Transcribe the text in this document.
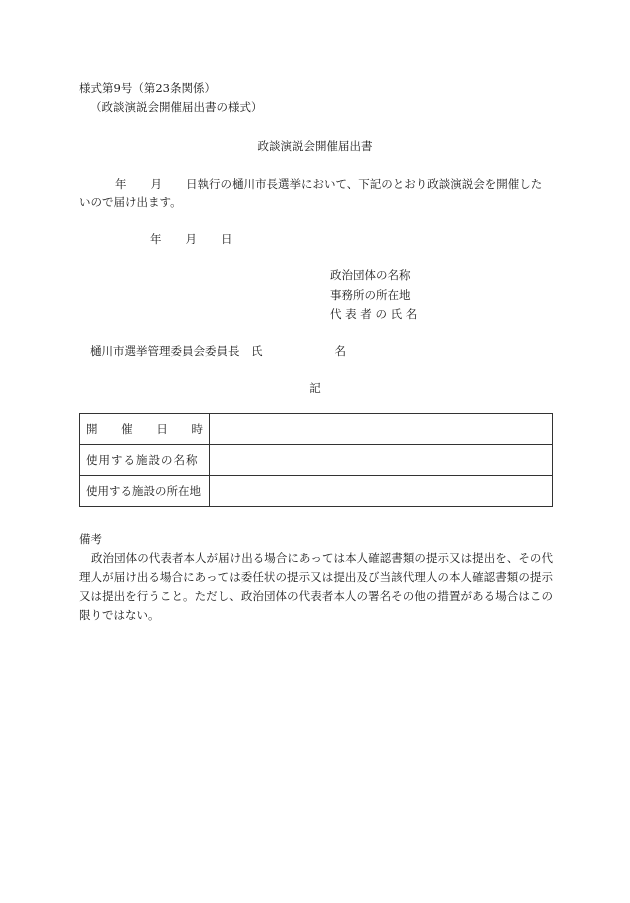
様式第9号（第23条関係）
（政談演説会開催届出書の様式）
政談演説会開催届出書
年 月 日執行の樋川市長選挙において、下記のとおり政談演説会を開催した
いので届け出ます。
年 月 日
政治団体の名称
事務所の所在地
代 表 者 の 氏 名
樋川市選挙管理委員会委員長　氏	名
記
開 催 日 時	

使用する施設の名称	
使用する施設の所在地	
備考
政治団体の代表者本人が届け出る場合にあっては本人確認書類の提示又は提出を、その代理人が届け出る場合にあっては委任状の提示又は提出及び当該代理人の本人確認書類の提示又は提出を行うこと。ただし、政治団体の代表者本人の署名その他の措置がある場合はこの限りではない。
